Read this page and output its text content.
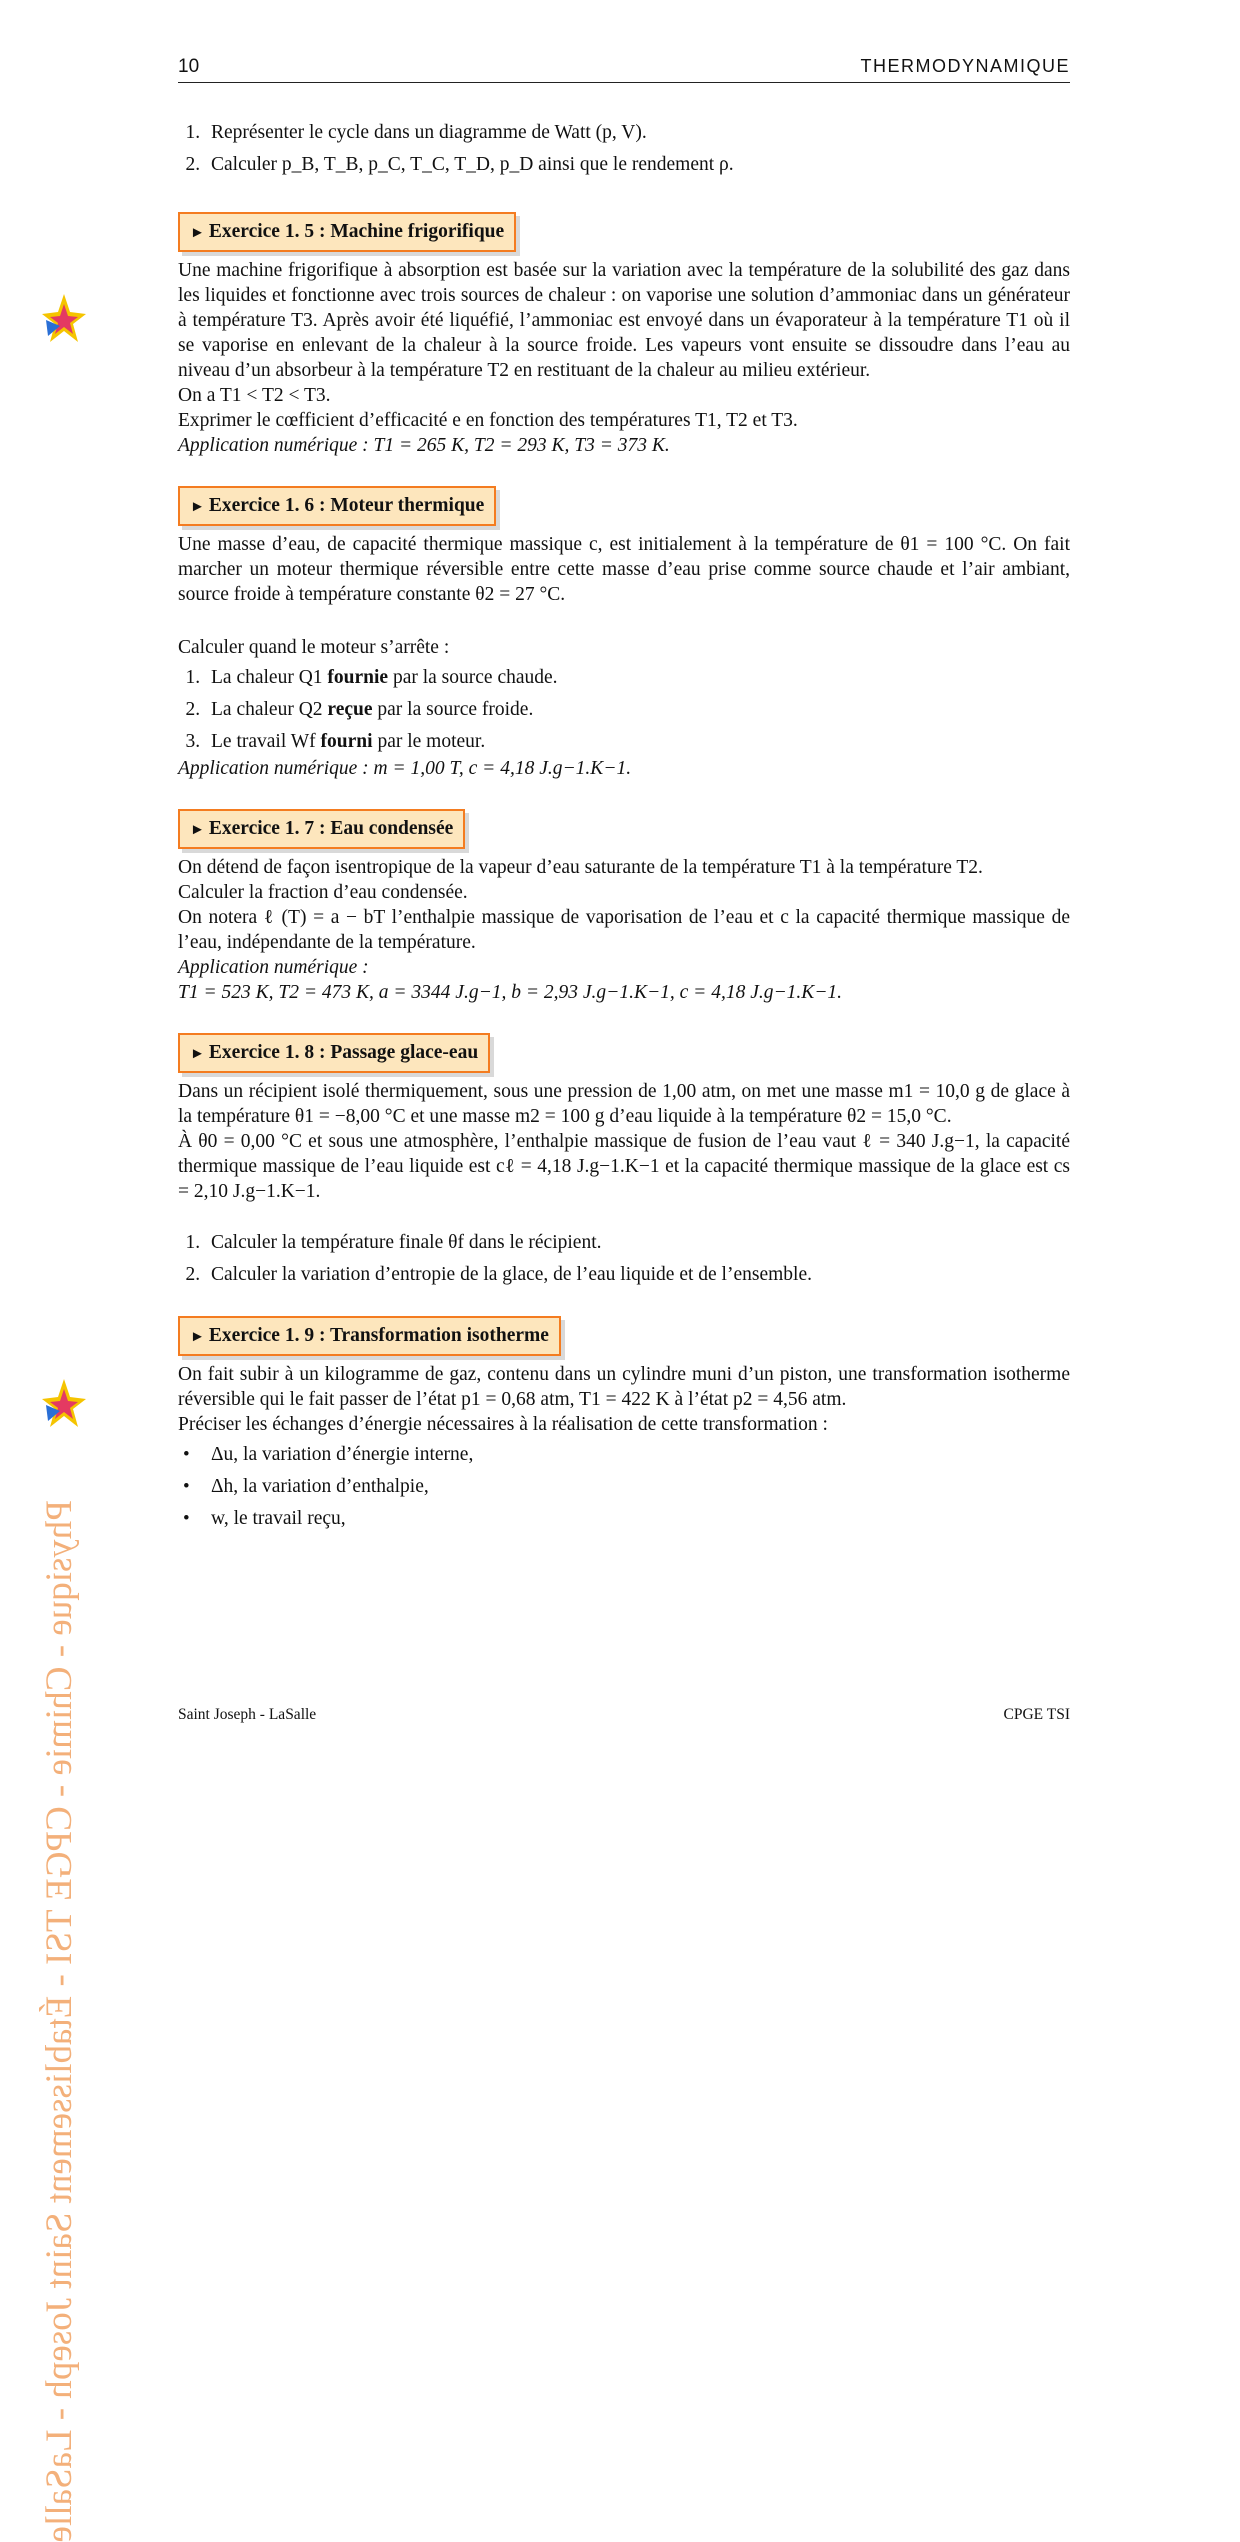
10	THERMODYNAMIQUE
Physique - Chimie - CPGE TSI - Établissement Saint Joseph - LaSalle
1. Représenter le cycle dans un diagramme de Watt (p, V).
2. Calculer p_B, T_B, p_C, T_C, T_D, p_D ainsi que le rendement ρ.
► Exercice 1. 5 : Machine frigorifique

Une machine frigorifique à absorption est basée sur la variation avec la température de la solubilité des gaz dans les liquides et fonctionne avec trois sources de chaleur : on vaporise une solution d’ammoniac dans un générateur à température T3. Après avoir été liquéfié, l’ammoniac est envoyé dans un évaporateur à la température T1 où il se vaporise en enlevant de la chaleur à la source froide. Les vapeurs vont ensuite se dissoudre dans l’eau au niveau d’un absorbeur à la température T2 en restituant de la chaleur au milieu extérieur.

On a T1 < T2 < T3.

Exprimer le cœfficient d’efficacité e en fonction des températures T1, T2 et T3.

Application numérique : T1 = 265 K, T2 = 293 K, T3 = 373 K.

► Exercice 1. 6 : Moteur thermique

Une masse d’eau, de capacité thermique massique c, est initialement à la température de θ1 = 100 °C. On fait marcher un moteur thermique réversible entre cette masse d’eau prise comme source chaude et l’air ambiant, source froide à température constante θ2 = 27 °C.

Calculer quand le moteur s’arrête :

1. La chaleur Q1 fournie par la source chaude.
2. La chaleur Q2 reçue par la source froide.
3. Le travail Wf fourni par le moteur.

Application numérique : m = 1,00 T, c = 4,18 J.g−1.K−1.

► Exercice 1. 7 : Eau condensée

On détend de façon isentropique de la vapeur d’eau saturante de la température T1 à la température T2.

Calculer la fraction d’eau condensée.

On notera ℓ (T) = a − bT l’enthalpie massique de vaporisation de l’eau et c la capacité thermique massique de l’eau, indépendante de la température.

Application numérique :

T1 = 523 K, T2 = 473 K, a = 3344 J.g−1, b = 2,93 J.g−1.K−1, c = 4,18 J.g−1.K−1.

► Exercice 1. 8 : Passage glace-eau

Dans un récipient isolé thermiquement, sous une pression de 1,00 atm, on met une masse m1 = 10,0 g de glace à la température θ1 = −8,00 °C et une masse m2 = 100 g d’eau liquide à la température θ2 = 15,0 °C.

À θ0 = 0,00 °C et sous une atmosphère, l’enthalpie massique de fusion de l’eau vaut ℓ = 340 J.g−1, la capacité thermique massique de l’eau liquide est cℓ = 4,18 J.g−1.K−1 et la capacité thermique massique de la glace est cs = 2,10 J.g−1.K−1.

1. Calculer la température finale θf dans le récipient.
2. Calculer la variation d’entropie de la glace, de l’eau liquide et de l’ensemble.
► Exercice 1. 9 : Transformation isotherme

On fait subir à un kilogramme de gaz, contenu dans un cylindre muni d’un piston, une transformation isotherme réversible qui le fait passer de l’état p1 = 0,68 atm, T1 = 422 K à l’état p2 = 4,56 atm.

Préciser les échanges d’énergie nécessaires à la réalisation de cette transformation :

• Δu, la variation d’énergie interne,
• Δh, la variation d’enthalpie,
• w, le travail reçu,
Saint Joseph - LaSalle	CPGE TSI
